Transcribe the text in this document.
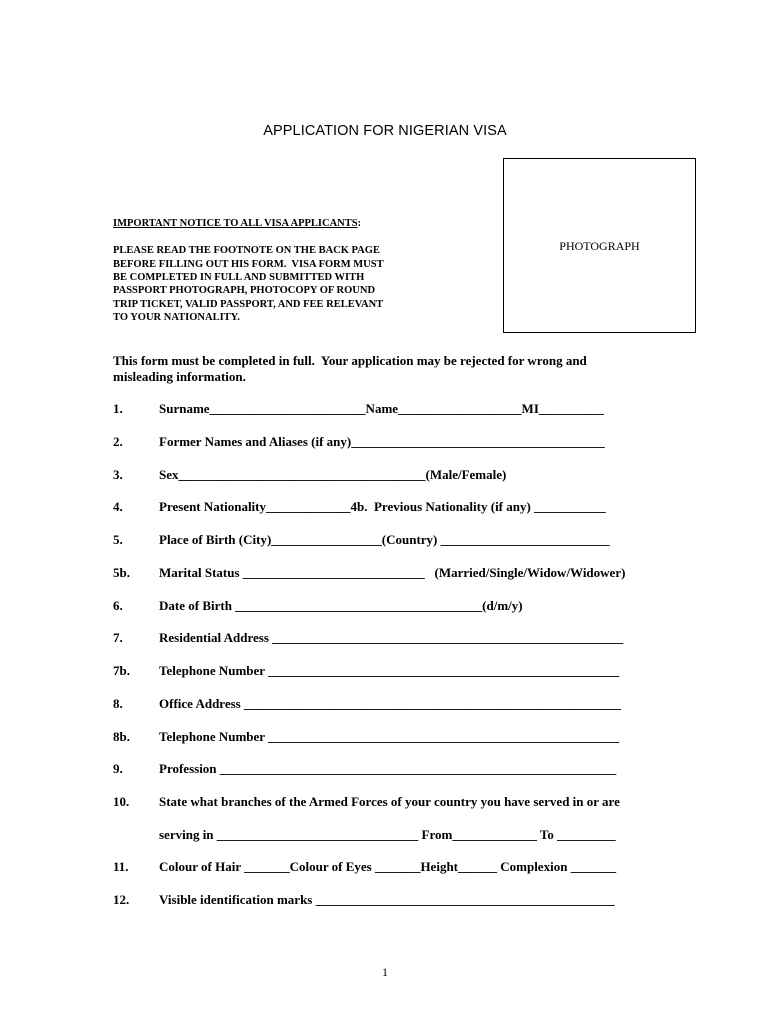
APPLICATION FOR NIGERIAN VISA

PHOTOGRAPH

IMPORTANT NOTICE TO ALL VISA APPLICANTS:
PLEASE READ THE FOOTNOTE ON THE BACK PAGE
BEFORE FILLING OUT HIS FORM.  VISA FORM MUST
BE COMPLETED IN FULL AND SUBMITTED WITH
PASSPORT PHOTOGRAPH, PHOTOCOPY OF ROUND
TRIP TICKET, VALID PASSPORT, AND FEE RELEVANT
TO YOUR NATIONALITY.
This form must be completed in full.  Your application may be rejected for wrong and
misleading information.
1.	Surname________________________Name___________________MI__________
2.	Former Names and Aliases (if any)_______________________________________
3.	Sex______________________________________(Male/Female)
4.	Present Nationality_____________4b.  Previous Nationality (if any) ___________
5.	Place of Birth (City)_________________(Country) __________________________
5b. Marital Status ____________________________   (Married/Single/Widow/Widower)
6.	Date of Birth ______________________________________(d/m/y)
7.	Residential Address ______________________________________________________
7b. Telephone Number ______________________________________________________
8.	Office Address __________________________________________________________
8b. Telephone Number ______________________________________________________
9.	Profession _____________________________________________________________
10. State what branches of the Armed Forces of your country you have served in or are
serving in _______________________________ From_____________ To _________
11. Colour of Hair _______Colour of Eyes _______Height______ Complexion _______
12. Visible identification marks ______________________________________________
1
